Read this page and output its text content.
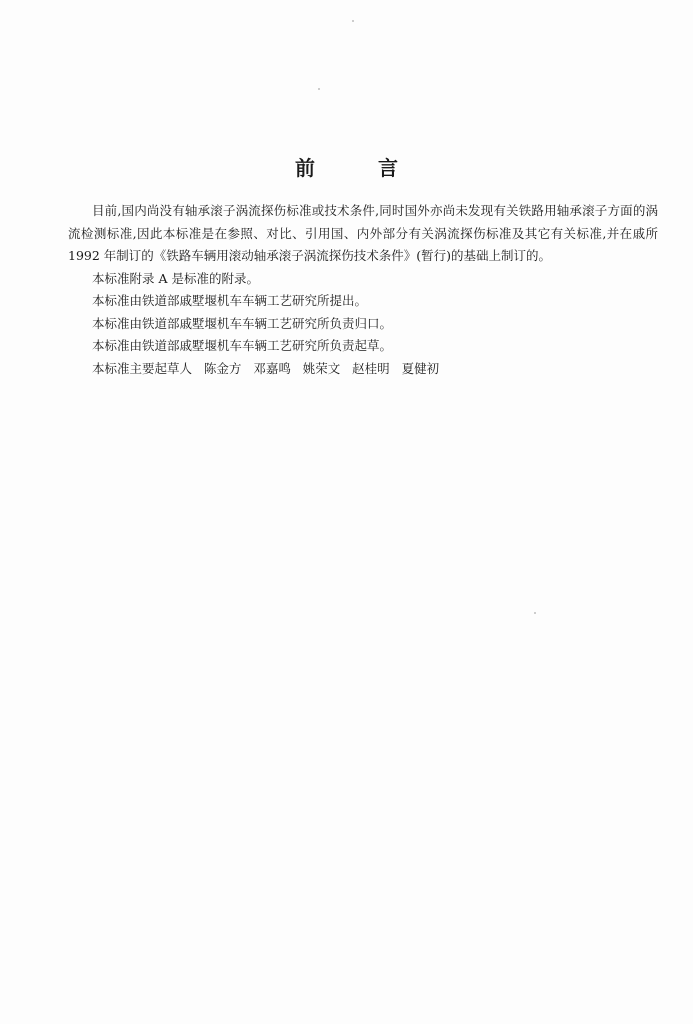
前 言

目前,国内尚没有轴承滚子涡流探伤标准或技术条件,同时国外亦尚未发现有关铁路用轴承滚子方面的涡流检测标准,因此本标准是在参照、对比、引用国、内外部分有关涡流探伤标准及其它有关标准,并在戚所 1992 年制订的《铁路车辆用滚动轴承滚子涡流探伤技术条件》(暂行)的基础上制订的。

本标准附录 A 是标准的附录。

本标准由铁道部戚墅堰机车车辆工艺研究所提出。

本标准由铁道部戚墅堰机车车辆工艺研究所负责归口。

本标准由铁道部戚墅堰机车车辆工艺研究所负责起草。

本标准主要起草人   陈金方   邓嘉鸣   姚荣文   赵桂明   夏健初
